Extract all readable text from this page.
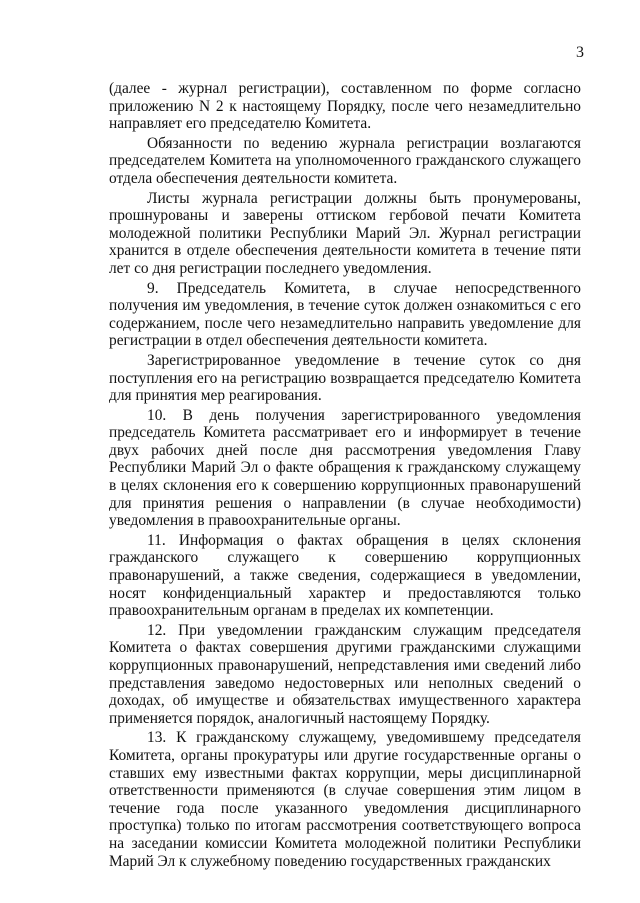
3

(далее - журнал регистрации), составленном по форме согласно приложению N 2 к настоящему Порядку, после чего незамедлительно направляет его председателю Комитета.

Обязанности по ведению журнала регистрации возлагаются председателем Комитета на уполномоченного гражданского служащего отдела обеспечения деятельности комитета.

Листы журнала регистрации должны быть пронумерованы, прошнурованы и заверены оттиском гербовой печати Комитета молодежной политики Республики Марий Эл. Журнал регистрации хранится в отделе обеспечения деятельности комитета в течение пяти лет со дня регистрации последнего уведомления.

9. Председатель Комитета, в случае непосредственного получения им уведомления, в течение суток должен ознакомиться с его содержанием, после чего незамедлительно направить уведомление для регистрации в отдел обеспечения деятельности комитета.

Зарегистрированное уведомление в течение суток со дня поступления его на регистрацию возвращается председателю Комитета для принятия мер реагирования.

10. В день получения зарегистрированного уведомления председатель Комитета рассматривает его и информирует в течение двух рабочих дней после дня рассмотрения уведомления Главу Республики Марий Эл о факте обращения к гражданскому служащему в целях склонения его к совершению коррупционных правонарушений для принятия решения о направлении (в случае необходимости) уведомления в правоохранительные органы.

11. Информация о фактах обращения в целях склонения гражданского служащего к совершению коррупционных правонарушений, а также сведения, содержащиеся в уведомлении, носят конфиденциальный характер и предоставляются только правоохранительным органам в пределах их компетенции.

12. При уведомлении гражданским служащим председателя Комитета о фактах совершения другими гражданскими служащими коррупционных правонарушений, непредставления ими сведений либо представления заведомо недостоверных или неполных сведений о доходах, об имуществе и обязательствах имущественного характера применяется порядок, аналогичный настоящему Порядку.

13. К гражданскому служащему, уведомившему председателя Комитета, органы прокуратуры или другие государственные органы о ставших ему известными фактах коррупции, меры дисциплинарной ответственности применяются (в случае совершения этим лицом в течение года после указанного уведомления дисциплинарного проступка) только по итогам рассмотрения соответствующего вопроса на заседании комиссии Комитета молодежной политики Республики Марий Эл к служебному поведению государственных гражданских
